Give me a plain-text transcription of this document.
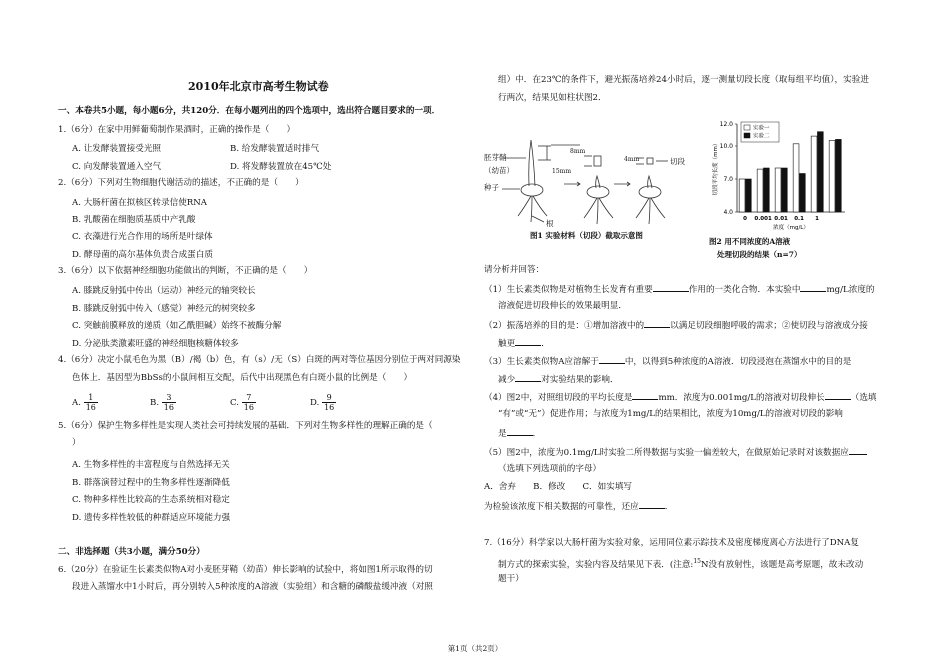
2010年北京市高考生物试卷
一、本卷共5小题，每小题6分，共120分．在每小题列出的四个选项中，选出符合题目要求的一项．
1.（6分）在家中用鲜葡萄制作果酒时，正确的操作是（　　）
A. 让发酵装置接受光照	B. 给发酵装置适时排气
C. 向发酵装置通入空气	D. 将发酵装置放在45℃处
2.（6分）下列对生物细胞代谢活动的描述，不正确的是（　　）
A. 大肠杆菌在拟核区转录信使RNA
B. 乳酸菌在细胞质基质中产乳酸
C. 衣藻进行光合作用的场所是叶绿体
D. 酵母菌的高尔基体负责合成蛋白质
3.（6分）以下依据神经细胞功能做出的判断，不正确的是（　　）
A. 膝跳反射弧中传出（运动）神经元的轴突较长
B. 膝跳反射弧中传入（感觉）神经元的树突较多
C. 突触前膜释放的递质（如乙酰胆碱）始终不被酶分解
D. 分泌肽类激素旺盛的神经细胞核糖体较多
4.（6分）决定小鼠毛色为黑（B）/褐（b）色，有（s）/无（S）白斑的两对等位基因分别位于两对同源染
色体上．基因型为BbSs的小鼠间相互交配，后代中出现黑色有白斑小鼠的比例是（　　）
A. $\frac{1}{16}$	B. $\frac{3}{16}$	C. $\frac{7}{16}$	D. $\frac{9}{16}$
5.（6分）保护生物多样性是实现人类社会可持续发展的基础．下列对生物多样性的理解正确的是（
）
A. 生物多样性的丰富程度与自然选择无关
B. 群落演替过程中的生物多样性逐渐降低
C. 物种多样性比较高的生态系统相对稳定
D. 遗传多样性较低的种群适应环境能力强
二、非选择题（共3小题，满分50分）
6.（20分）在验证生长素类似物A对小麦胚芽鞘（幼苗）伸长影响的试验中，将如图1所示取得的切
段进入蒸馏水中1小时后，再分别转入5种浓度的A溶液（实验组）和含糖的磷酸盐缓冲液（对照
组）中．在23℃的条件下，避光振荡培养24小时后，逐一测量切段长度（取每组平均值），实验进
行两次，结果见如柱状图2．
胚芽鞘
（幼苗）
种子
根
8mm
4mm
15mm
切段
图1 实验材料（切段）截取示意图
4.0
7.0
10.0
12.0
0 0.001 0.01 0.1 1
浓度（mg/L）
切段平均长度（mm）
实验一
实验二
图2 用不同浓度的A溶液
处理切段的结果（n=7）
请分析并回答：
（1）生长素类似物是对植物生长发育有重要	作用的一类化合物．本实验中	mg/L浓度的
溶液促进切段伸长的效果最明显．
（2）振荡培养的目的是：①增加溶液中的	以满足切段细胞呼吸的需求；②使切段与溶液成分接
触更	．
（3）生长素类似物A应溶解于	中，以得到5种浓度的A溶液．切段浸泡在蒸馏水中的目的是
减少	对实验结果的影响．
（4）图2中，对照组切段的平均长度是	mm．浓度为0.001mg/L的溶液对切段伸长	（选填
“有”或“无”）促进作用；与浓度为1mg/L的结果相比，浓度为10mg/L的溶液对切段的影响
是	．
（5）图2中，浓度为0.1mg/L时实验二所得数据与实验一偏差较大，在做原始记录时对该数据应
（选填下列选项前的字母）
A．舍弃　　B．修改　　C．如实填写
为检验该浓度下相关数据的可靠性，还应	．
7.（16分）科学家以大肠杆菌为实验对象，运用同位素示踪技术及密度梯度离心方法进行了DNA复
制方式的探索实验，实验内容及结果见下表．(注意:$^{15}$N没有放射性，该题是高考原题，故未改动
题干）
第1页（共2页）
